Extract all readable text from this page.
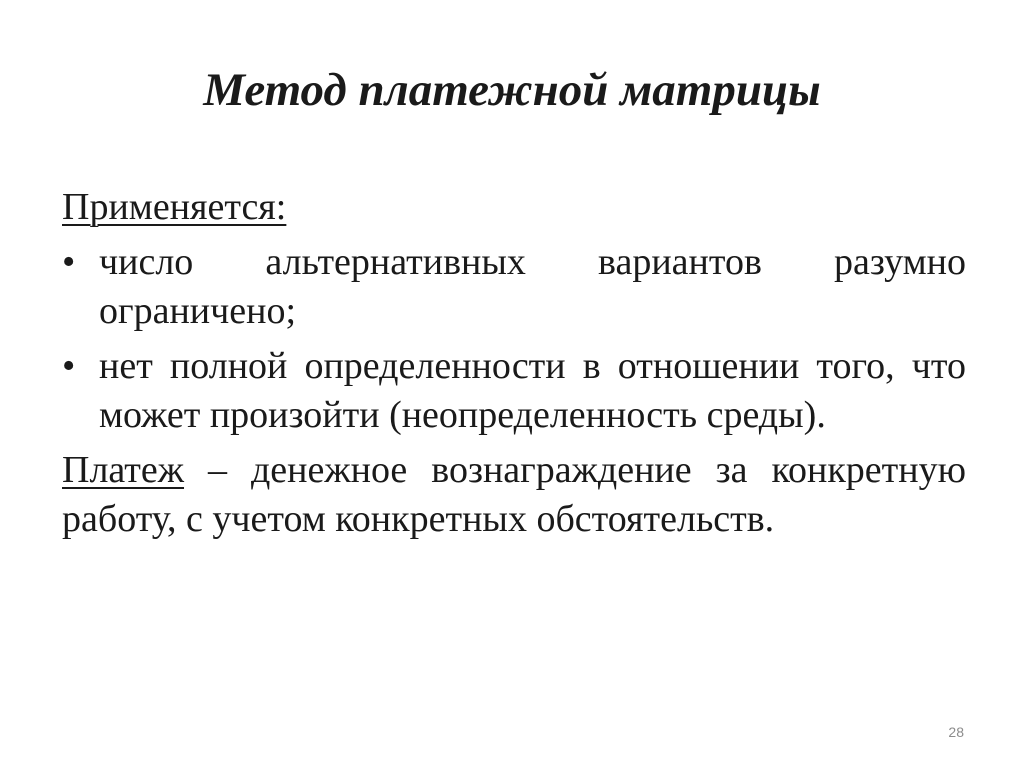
Метод платежной матрицы

Применяется:

• число альтернативных вариантов разумно ограничено;
• нет полной определенности в отношении того, что может произойти (неопределенность среды).

Платеж – денежное вознаграждение за конкретную работу, с учетом конкретных обстоятельств.

28
